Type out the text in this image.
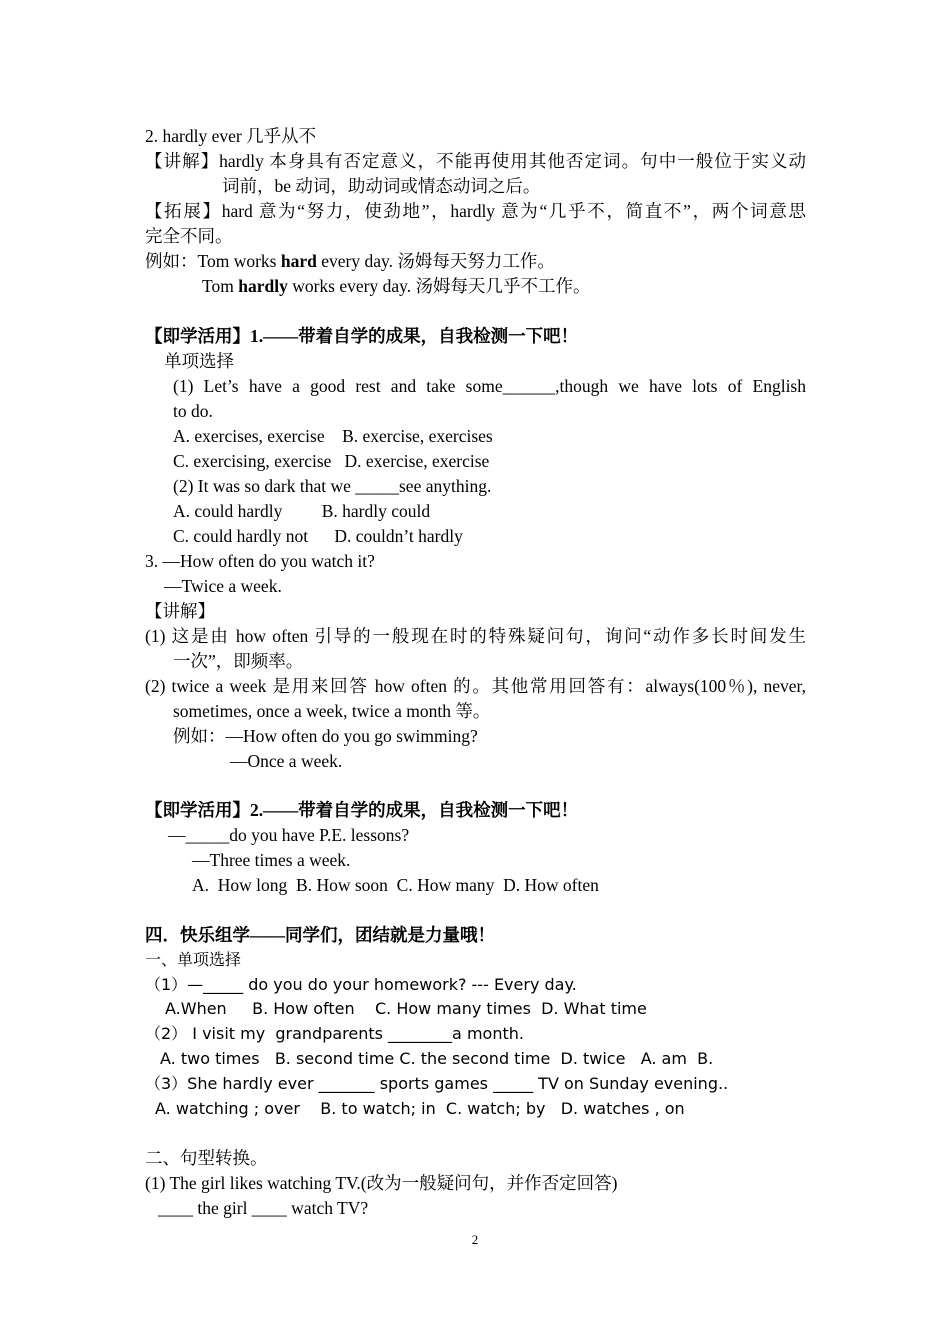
2. hardly ever 几乎从不
【讲解】hardly 本身具有否定意义，不能再使用其他否定词。句中一般位于实义动
词前，be 动词，助动词或情态动词之后。
【拓展】hard 意为“努力，使劲地”，hardly 意为“几乎不，简直不”，两个词意思
完全不同。
例如：Tom works hard every day. 汤姆每天努力工作。
Tom hardly works every day. 汤姆每天几乎不工作。
【即学活用】1.——带着自学的成果，自我检测一下吧！
单项选择
(1) Let’s have a good rest and take some______,though we have lots of English
to do.
A. exercises, exercise    B. exercise, exercises
C. exercising, exercise   D. exercise, exercise
(2) It was so dark that we _____see anything.
A. could hardly         B. hardly could
C. could hardly not      D. couldn’t hardly
3. —How often do you watch it?
—Twice a week.
【讲解】
(1) 这是由 how often 引导的一般现在时的特殊疑问句，询问“动作多长时间发生
一次”，即频率。
(2) twice a week 是用来回答 how often 的。其他常用回答有：always(100％), never,
sometimes, once a week, twice a month 等。
例如：—How often do you go swimming?
—Once a week.
【即学活用】2.——带着自学的成果，自我检测一下吧！
—_____do you have P.E. lessons?
—Three times a week.
A.  How long  B. How soon  C. How many  D. How often
四．快乐组学——同学们，团结就是力量哦！
一、单项选择
（1）—_____ do you do your homework? --- Every day.
A.When     B. How often    C. How many times  D. What time
（2） I visit my  grandparents ________a month.
A. two times   B. second time C. the second time  D. twice   A. am  B.
（3）She hardly ever _______ sports games _____ TV on Sunday evening..
A. watching ; over    B. to watch; in  C. watch; by   D. watches , on
二、句型转换。
(1) The girl likes watching TV.(改为一般疑问句，并作否定回答)
____ the girl ____ watch TV?
2
